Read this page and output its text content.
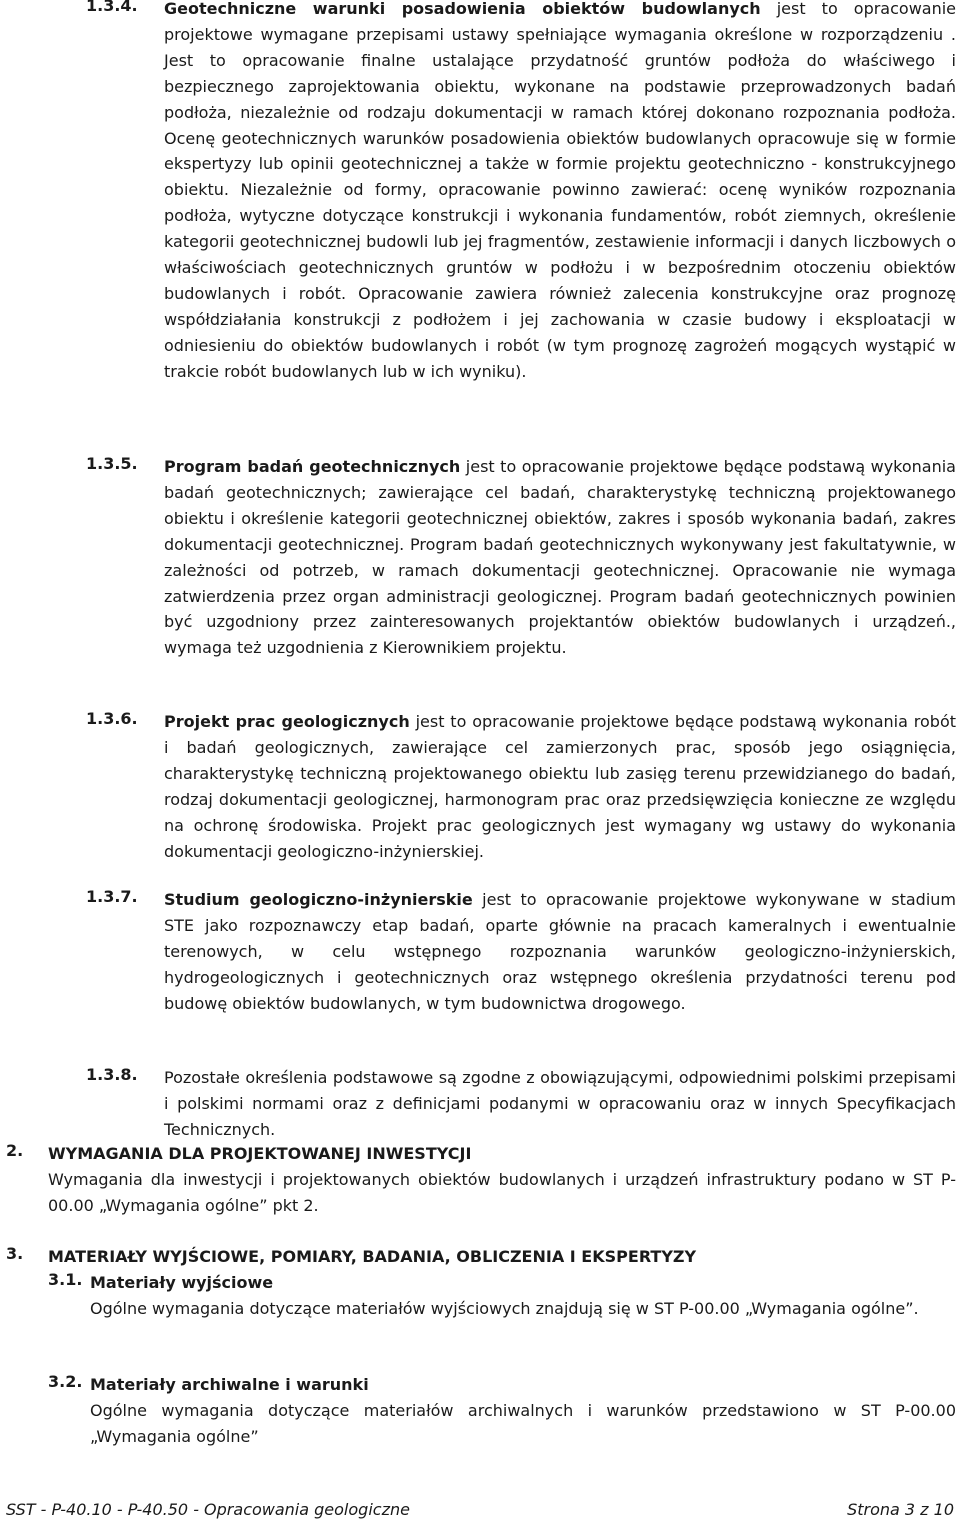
1.3.4. Geotechniczne warunki posadowienia obiektów budowlanych jest to opracowanie projektowe wymagane przepisami ustawy spełniające wymagania określone w rozporządzeniu . Jest to opracowanie finalne ustalające przydatność gruntów podłoża do właściwego i bezpiecznego zaprojektowania obiektu, wykonane na podstawie przeprowadzonych badań podłoża, niezależnie od rodzaju dokumentacji w ramach której dokonano rozpoznania podłoża. Ocenę geotechnicznych warunków posadowienia obiektów budowlanych opracowuje się w formie ekspertyzy lub opinii geotechnicznej a także w formie projektu geotechniczno - konstrukcyjnego obiektu. Niezależnie od formy, opracowanie powinno zawierać: ocenę wyników rozpoznania podłoża, wytyczne dotyczące konstrukcji i wykonania fundamentów, robót ziemnych, określenie kategorii geotechnicznej budowli lub jej fragmentów, zestawienie informacji i danych liczbowych o właściwościach geotechnicznych gruntów w podłożu i w bezpośrednim otoczeniu obiektów budowlanych i robót. Opracowanie zawiera również zalecenia konstrukcyjne oraz prognozę współdziałania konstrukcji z podłożem i jej zachowania w czasie budowy i eksploatacji w odniesieniu do obiektów budowlanych i robót (w tym prognozę zagrożeń mogących wystąpić w trakcie robót budowlanych lub w ich wyniku).
1.3.5. Program badań geotechnicznych jest to opracowanie projektowe będące podstawą wykonania badań geotechnicznych; zawierające cel badań, charakterystykę techniczną projektowanego obiektu i określenie kategorii geotechnicznej obiektów, zakres i sposób wykonania badań, zakres dokumentacji geotechnicznej. Program badań geotechnicznych wykonywany jest fakultatywnie, w zależności od potrzeb, w ramach dokumentacji geotechnicznej. Opracowanie nie wymaga zatwierdzenia przez organ administracji geologicznej. Program badań geotechnicznych powinien być uzgodniony przez zainteresowanych projektantów obiektów budowlanych i urządzeń., wymaga też uzgodnienia z Kierownikiem projektu.
1.3.6. Projekt prac geologicznych jest to opracowanie projektowe będące podstawą wykonania robót i badań geologicznych, zawierające cel zamierzonych prac, sposób jego osiągnięcia, charakterystykę techniczną projektowanego obiektu lub zasięg terenu przewidzianego do badań, rodzaj dokumentacji geologicznej, harmonogram prac oraz przedsięwzięcia konieczne ze względu na ochronę środowiska. Projekt prac geologicznych jest wymagany wg ustawy do wykonania dokumentacji geologiczno-inżynierskiej.
1.3.7. Studium geologiczno-inżynierskie jest to opracowanie projektowe wykonywane w stadium STE jako rozpoznawczy etap badań, oparte głównie na pracach kameralnych i ewentualnie terenowych, w celu wstępnego rozpoznania warunków geologiczno-inżynierskich, hydrogeologicznych i geotechnicznych oraz wstępnego określenia przydatności terenu pod budowę obiektów budowlanych, w tym budownictwa drogowego.
1.3.8. Pozostałe określenia podstawowe są zgodne z obowiązującymi, odpowiednimi polskimi przepisami i polskimi normami oraz z definicjami podanymi w opracowaniu oraz w innych Specyfikacjach Technicznych.
2. WYMAGANIA DLA PROJEKTOWANEJ INWESTYCJI
Wymagania dla inwestycji i projektowanych obiektów budowlanych i urządzeń infrastruktury podano w ST P-00.00 „Wymagania ogólne” pkt 2.
3. MATERIAŁY WYJŚCIOWE, POMIARY, BADANIA, OBLICZENIA I EKSPERTYZY
3.1. Materiały wyjściowe
Ogólne wymagania dotyczące materiałów wyjściowych znajdują się w ST P-00.00 „Wymagania ogólne”.
3.2. Materiały archiwalne i warunki
Ogólne wymagania dotyczące materiałów archiwalnych i warunków przedstawiono w ST P-00.00 „Wymagania ogólne”
SST - P-40.10 - P-40.50 - Opracowania geologiczne	Strona 3 z 10
